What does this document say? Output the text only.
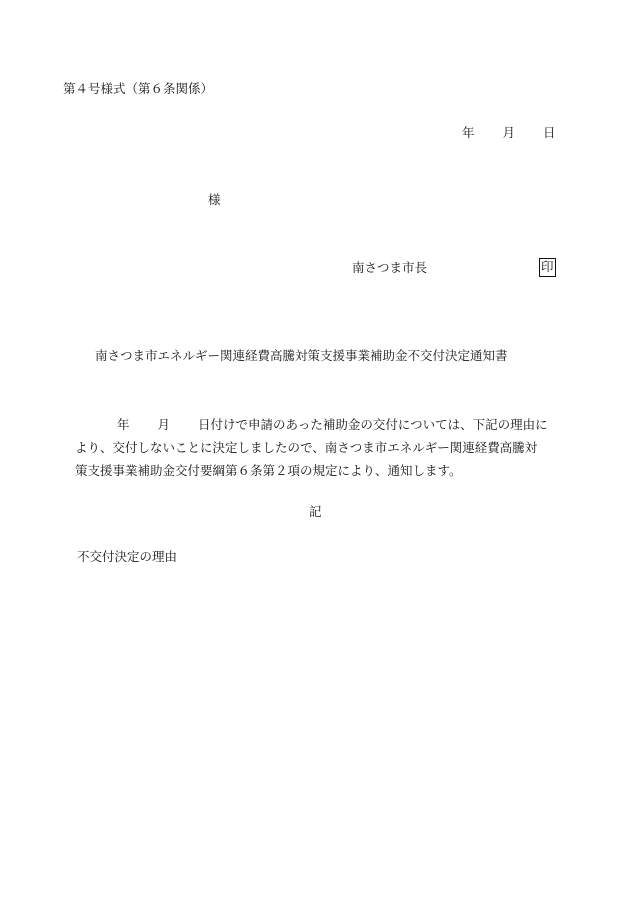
第４号様式（第６条関係）
年 月 日
様
南さつま市長	印
南さつま市エネルギー関連経費高騰対策支援事業補助金不交付決定通知書
年 月 日付けで申請のあった補助金の交付については、下記の理由に
より、交付しないことに決定しましたので、南さつま市エネルギー関連経費高騰対
策支援事業補助金交付要綱第６条第２項の規定により、通知します。
記
不交付決定の理由
